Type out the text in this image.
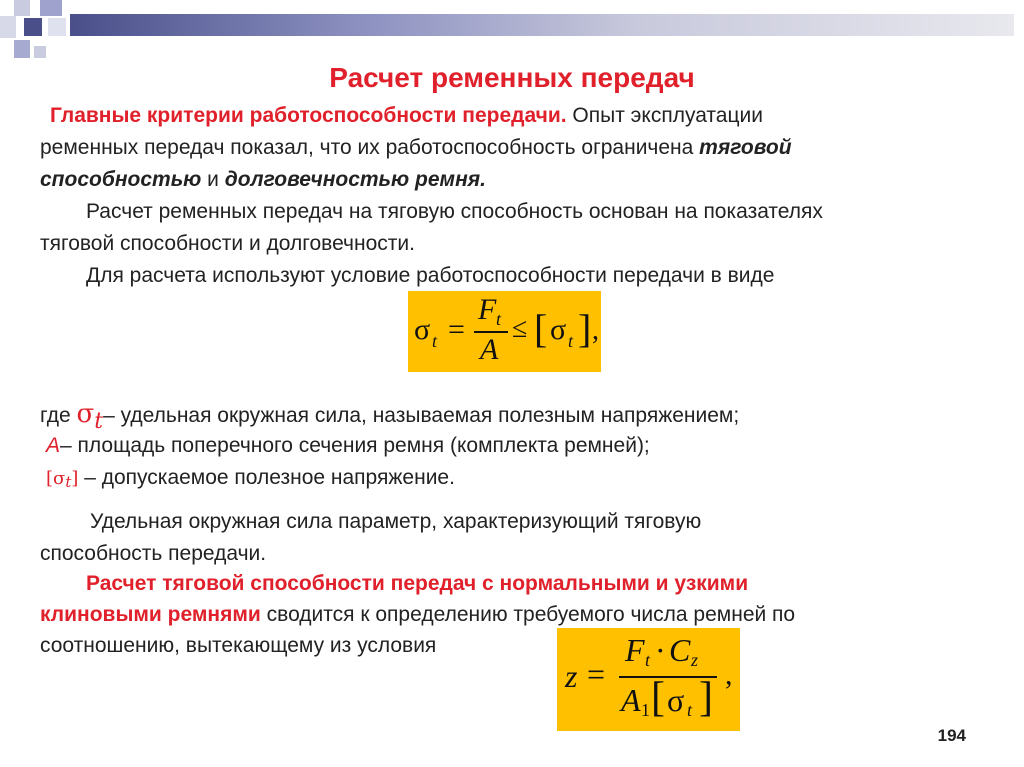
Расчет ременных передач
Главные критерии работоспособности передачи. Опыт эксплуатации
ременных передач показал, что их работоспособность ограничена тяговой
способностью и долговечностью ремня.
Расчет ременных передач на тяговую способность основан на показателях
тяговой способности и долговечности.
Для расчета используют условие работоспособности передачи в виде
σ t =
F t
A
≤ [ σ t ] ,
где σt– удельная окружная сила, называемая полезным напряжением;
A– площадь поперечного сечения ремня (комплекта ремней);
[σt] – допускаемое полезное напряжение.
Удельная окружная сила параметр, характеризующий тяговую
способность передачи.
Расчет тяговой способности передач с нормальными и узкими
клиновыми ремнями сводится к определению требуемого числа ремней по
соотношению, вытекающему из условия
z =
F t · C z
A 1 [ σ t ]
,
194
